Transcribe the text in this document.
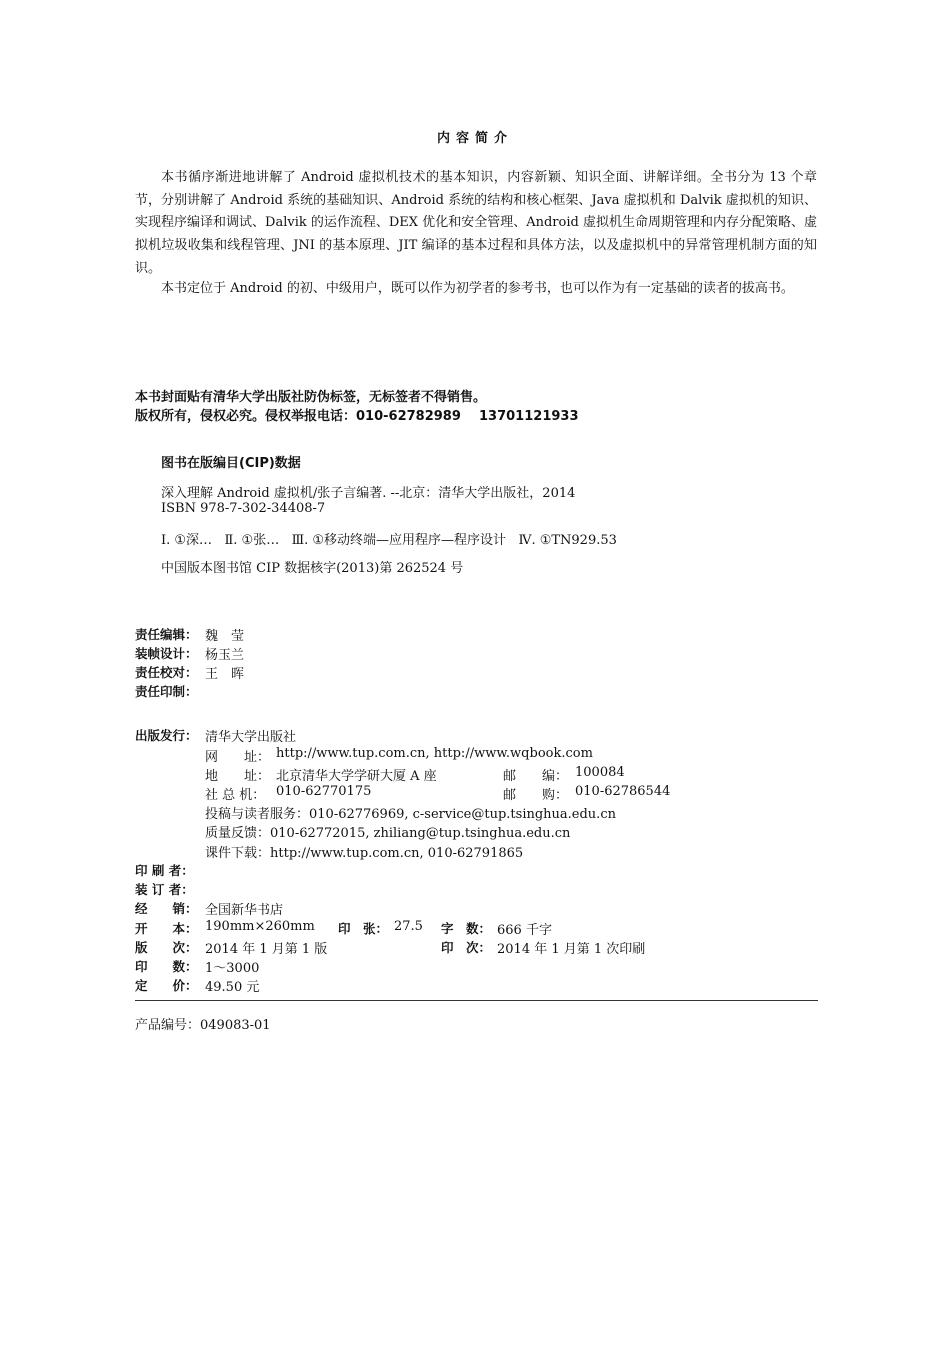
内容简介

本书循序渐进地讲解了 Android 虚拟机技术的基本知识，内容新颖、知识全面、讲解详细。全书分为 13 个章节，分别讲解了 Android 系统的基础知识、Android 系统的结构和核心框架、Java 虚拟机和 Dalvik 虚拟机的知识、实现程序编译和调试、Dalvik 的运作流程、DEX 优化和安全管理、Android 虚拟机生命周期管理和内存分配策略、虚拟机垃圾收集和线程管理、JNI 的基本原理、JIT 编译的基本过程和具体方法，以及虚拟机中的异常管理机制方面的知识。

本书定位于 Android 的初、中级用户，既可以作为初学者的参考书，也可以作为有一定基础的读者的拔高书。

本书封面贴有清华大学出版社防伪标签，无标签者不得销售。
版权所有，侵权必究。侵权举报电话：010-62782989    13701121933
图书在版编目(CIP)数据
深入理解 Android 虚拟机/张子言编著. --北京：清华大学出版社，2014
ISBN 978-7-302-34408-7
Ⅰ. ①深…   Ⅱ. ①张…   Ⅲ. ①移动终端—应用程序—程序设计   Ⅳ. ①TN929.53
中国版本图书馆 CIP 数据核字(2013)第 262524 号
责任编辑： 魏　莹
装帧设计： 杨玉兰
责任校对： 王　晖
责任印制：
出版发行： 清华大学出版社
网　　址： http://www.tup.com.cn, http://www.wqbook.com
地　　址： 北京清华大学学研大厦 A 座	邮　　编： 100084
社 总 机： 010-62770175	邮　　购： 010-62786544
投稿与读者服务：010-62776969, c-service@tup.tsinghua.edu.cn
质量反馈：010-62772015, zhiliang@tup.tsinghua.edu.cn
课件下载：http://www.tup.com.cn, 010-62791865
印 刷 者：
装 订 者：
经　　销： 全国新华书店
开　　本： 190mm×260mm 印　张： 27.5 字　数： 666 千字
版　　次： 2014 年 1 月第 1 版	印　次： 2014 年 1 月第 1 次印刷
印　　数： 1～3000
定　　价： 49.50 元
产品编号：049083-01
